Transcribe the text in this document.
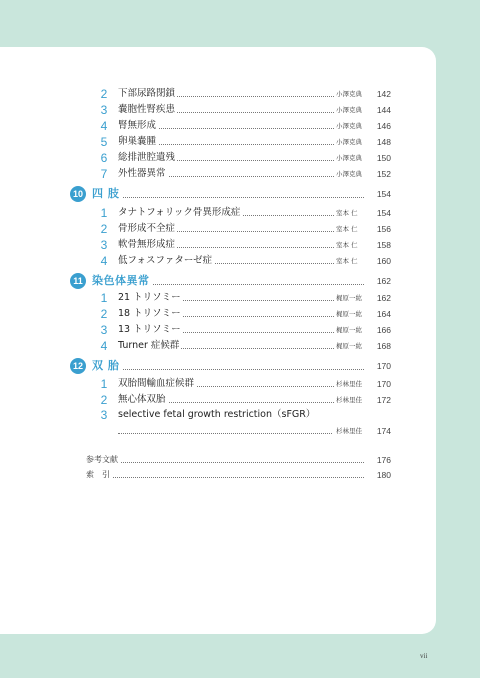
2 下部尿路閉鎖	小澤克典	142
3 嚢胞性腎疾患	小澤克典	144
4 腎無形成	小澤克典	146
5 卵巣嚢腫	小澤克典	148
6 総排泄腔遺残	小澤克典	150
7 外性器異常	小澤克典	152
10 四 肢	154
1 タナトフォリック骨異形成症	室本 仁	154
2 骨形成不全症	室本 仁	156
3 軟骨無形成症	室本 仁	158
4 低フォスファターゼ症	室本 仁	160
11 染色体異常	162
1 21 トリソミー	梶原一紘	162
2 18 トリソミー	梶原一紘	164
3 13 トリソミー	梶原一紘	166
4 Turner 症候群	梶原一紘	168
12 双 胎	170
1 双胎間輸血症候群	杉林里佳	170
2 無心体双胎	杉林里佳	172
3 selective fetal growth restriction（sFGR）
杉林里佳	174
参考文献	176
索　引	180
vii
